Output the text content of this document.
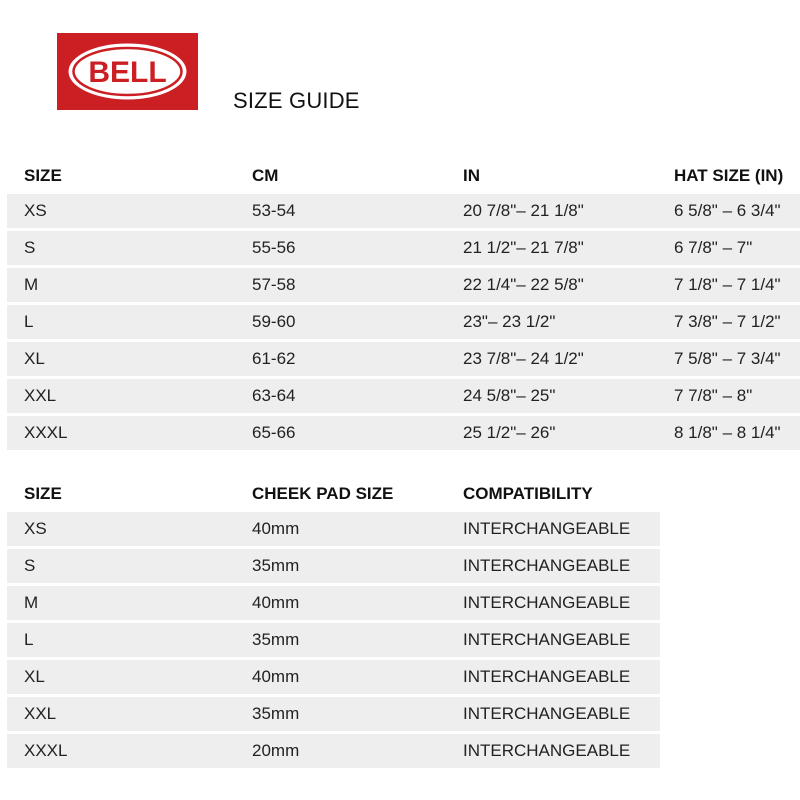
BELL
SIZE GUIDE
SIZE	CM	IN	HAT SIZE (IN)
XS	53-54	20 7/8"– 21 1/8"	6 5/8" – 6 3/4"
S	55-56	21 1/2"– 21 7/8"	6 7/8" – 7"
M	57-58	22 1/4"– 22 5/8"	7 1/8" – 7 1/4"
L	59-60	23"– 23 1/2"	7 3/8" – 7 1/2"
XL	61-62	23 7/8"– 24 1/2"	7 5/8" – 7 3/4"
XXL	63-64	24 5/8"– 25"	7 7/8" – 8"
XXXL	65-66	25 1/2"– 26"	8 1/8" – 8 1/4"
SIZE	CHEEK PAD SIZE	COMPATIBILITY
XS	40mm	INTERCHANGEABLE
S	35mm	INTERCHANGEABLE
M	40mm	INTERCHANGEABLE
L	35mm	INTERCHANGEABLE
XL	40mm	INTERCHANGEABLE
XXL	35mm	INTERCHANGEABLE
XXXL	20mm	INTERCHANGEABLE
